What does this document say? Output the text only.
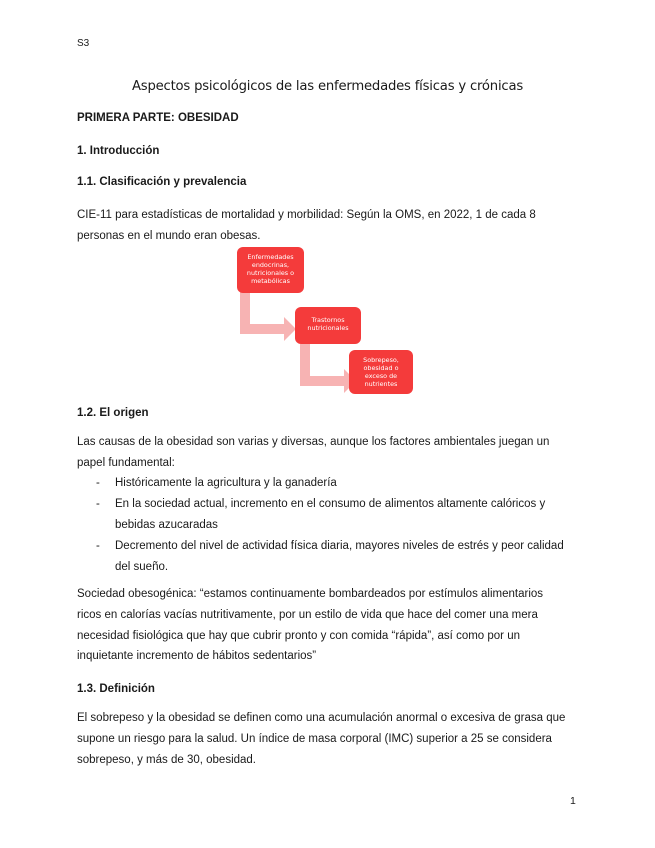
S3
Aspectos psicológicos de las enfermedades físicas y crónicas
PRIMERA PARTE: OBESIDAD
1. Introducción
1.1. Clasificación y prevalencia
CIE-11 para estadísticas de mortalidad y morbilidad: Según la OMS, en 2022, 1 de cada 8
personas en el mundo eran obesas.
Enfermedades
endocrinas,
nutricionales o
metabólicas
Trastornos
nutricionales
Sobrepeso,
obesidad o
exceso de
nutrientes
1.2. El origen
Las causas de la obesidad son varias y diversas, aunque los factores ambientales juegan un
papel fundamental:
- Históricamente la agricultura y la ganadería
- En la sociedad actual, incremento en el consumo de alimentos altamente calóricos y
bebidas azucaradas
- Decremento del nivel de actividad física diaria, mayores niveles de estrés y peor calidad
del sueño.
Sociedad obesogénica: “estamos continuamente bombardeados por estímulos alimentarios
ricos en calorías vacías nutritivamente, por un estilo de vida que hace del comer una mera
necesidad fisiológica que hay que cubrir pronto y con comida “rápida”, así como por un
inquietante incremento de hábitos sedentarios”
1.3. Definición
El sobrepeso y la obesidad se definen como una acumulación anormal o excesiva de grasa que
supone un riesgo para la salud. Un índice de masa corporal (IMC) superior a 25 se considera
sobrepeso, y más de 30, obesidad.
1
